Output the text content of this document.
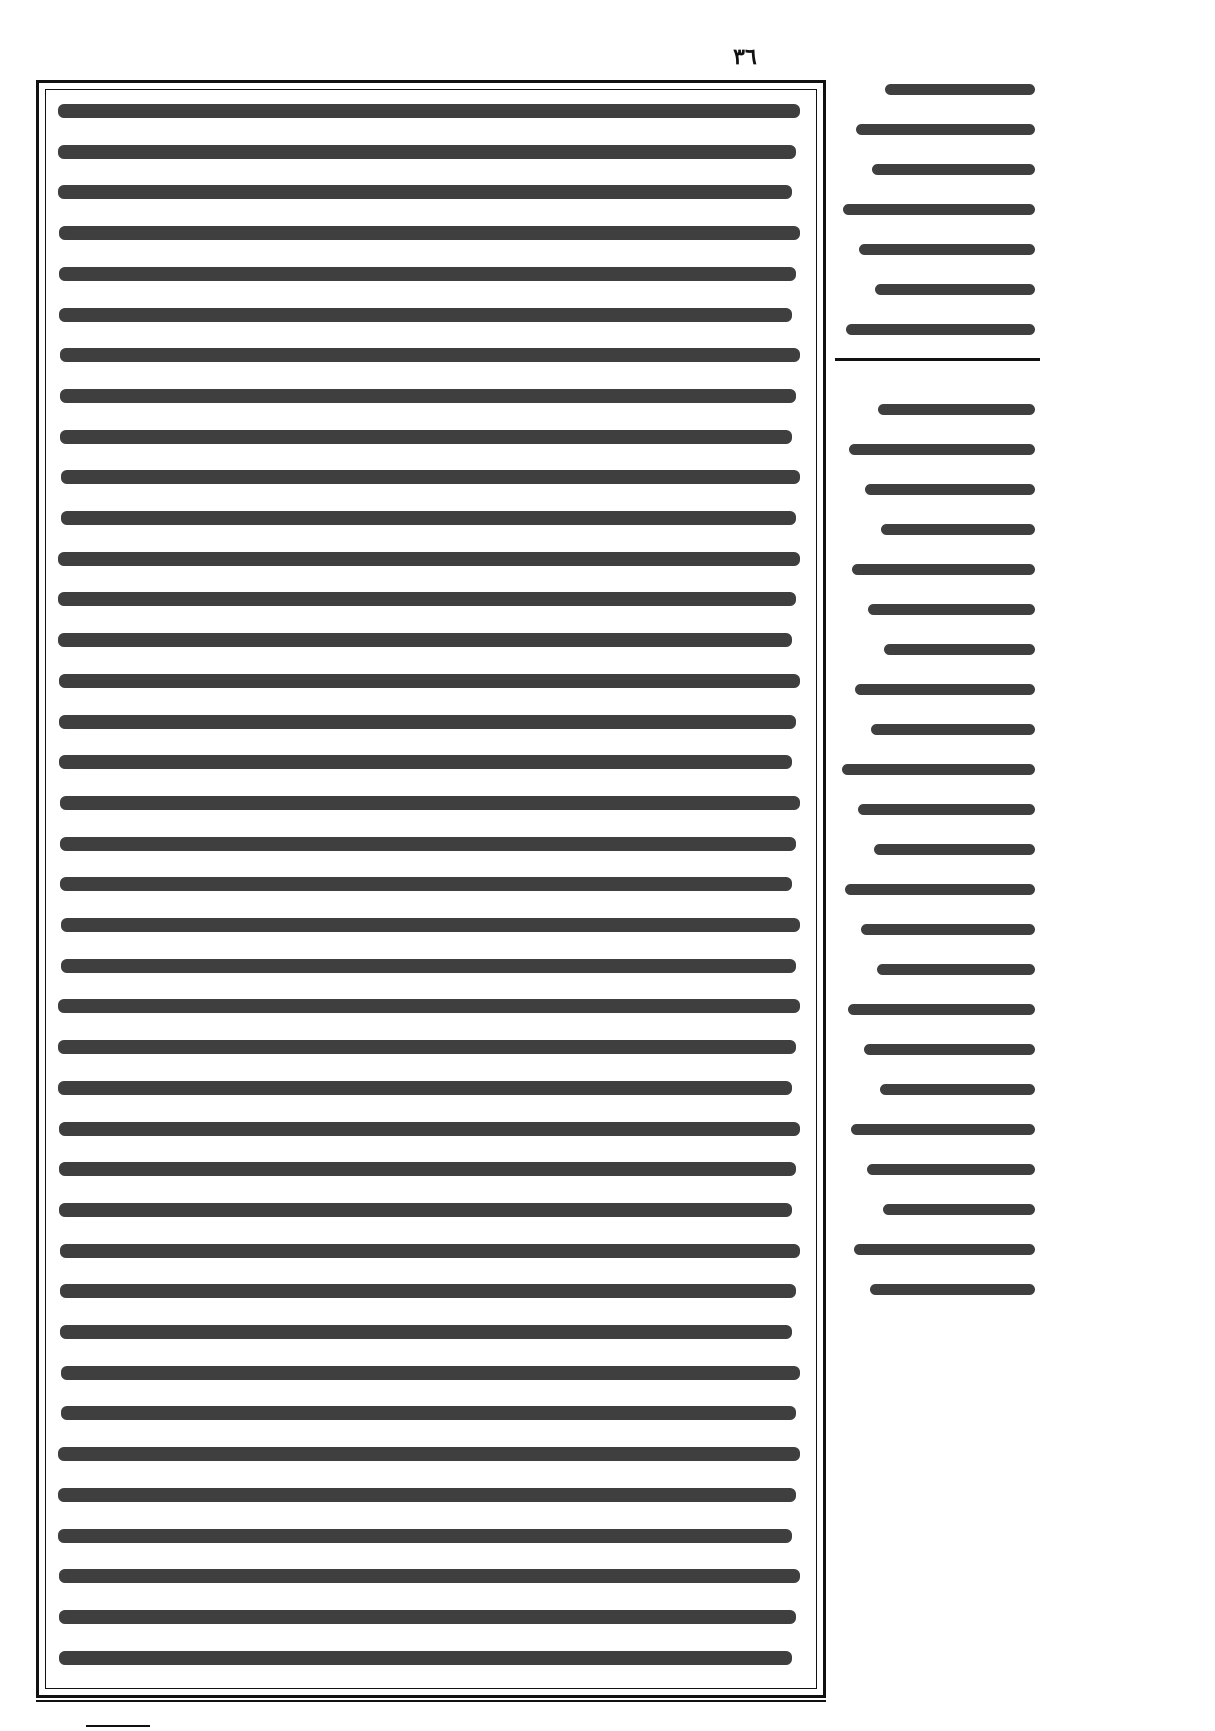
٣٦
